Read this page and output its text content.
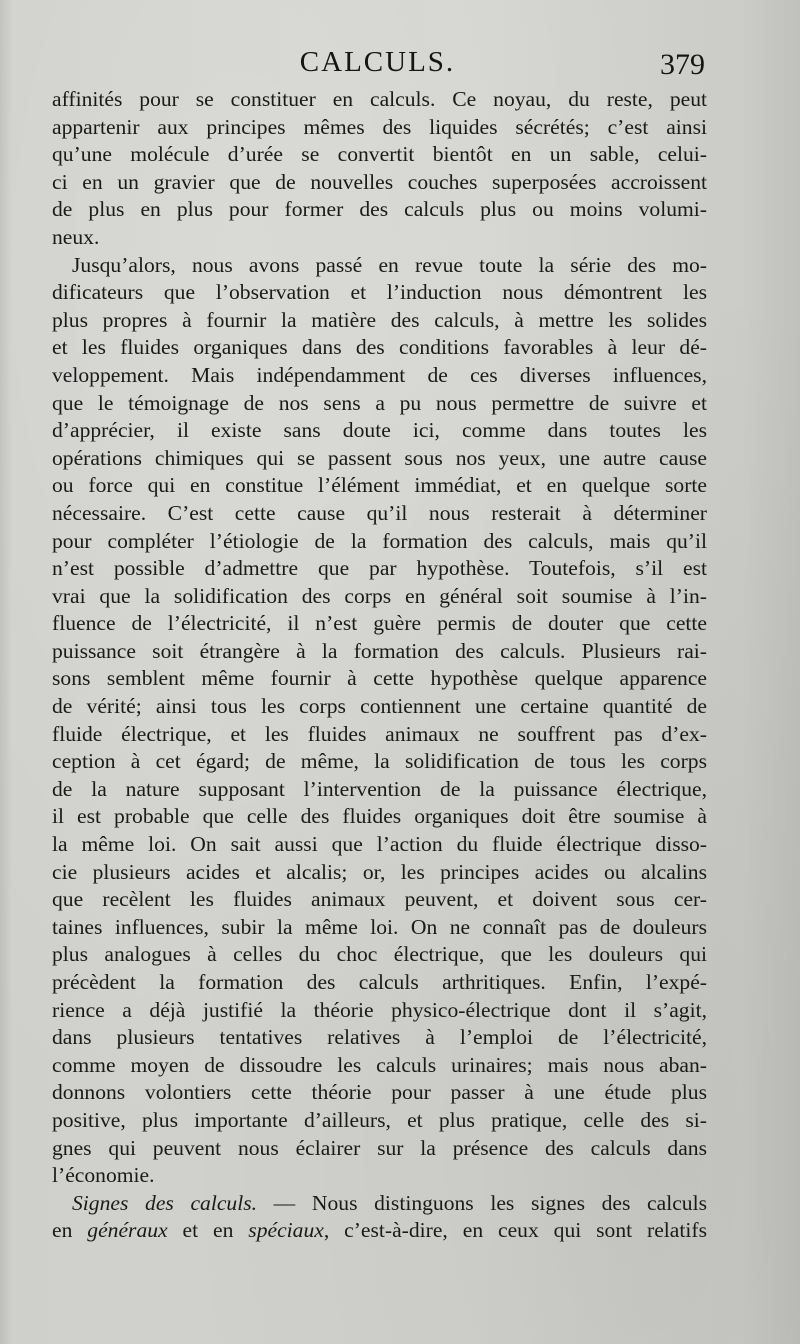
CALCULS.	379
affinités pour se constituer en calculs. Ce noyau, du reste, peut
appartenir aux principes mêmes des liquides sécrétés; c’est ainsi
qu’une molécule d’urée se convertit bientôt en un sable, celui-
ci en un gravier que de nouvelles couches superposées accroissent
de plus en plus pour former des calculs plus ou moins volumi-
neux.
Jusqu’alors, nous avons passé en revue toute la série des mo-
dificateurs que l’observation et l’induction nous démontrent les
plus propres à fournir la matière des calculs, à mettre les solides
et les fluides organiques dans des conditions favorables à leur dé-
veloppement. Mais indépendamment de ces diverses influences,
que le témoignage de nos sens a pu nous permettre de suivre et
d’apprécier, il existe sans doute ici, comme dans toutes les
opérations chimiques qui se passent sous nos yeux, une autre cause
ou force qui en constitue l’élément immédiat, et en quelque sorte
nécessaire. C’est cette cause qu’il nous resterait à déterminer
pour compléter l’étiologie de la formation des calculs, mais qu’il
n’est possible d’admettre que par hypothèse. Toutefois, s’il est
vrai que la solidification des corps en général soit soumise à l’in-
fluence de l’électricité, il n’est guère permis de douter que cette
puissance soit étrangère à la formation des calculs. Plusieurs rai-
sons semblent même fournir à cette hypothèse quelque apparence
de vérité; ainsi tous les corps contiennent une certaine quantité de
fluide électrique, et les fluides animaux ne souffrent pas d’ex-
ception à cet égard; de même, la solidification de tous les corps
de la nature supposant l’intervention de la puissance électrique,
il est probable que celle des fluides organiques doit être soumise à
la même loi. On sait aussi que l’action du fluide électrique disso-
cie plusieurs acides et alcalis; or, les principes acides ou alcalins
que recèlent les fluides animaux peuvent, et doivent sous cer-
taines influences, subir la même loi. On ne connaît pas de douleurs
plus analogues à celles du choc électrique, que les douleurs qui
précèdent la formation des calculs arthritiques. Enfin, l’expé-
rience a déjà justifié la théorie physico-électrique dont il s’agit,
dans plusieurs tentatives relatives à l’emploi de l’électricité,
comme moyen de dissoudre les calculs urinaires; mais nous aban-
donnons volontiers cette théorie pour passer à une étude plus
positive, plus importante d’ailleurs, et plus pratique, celle des si-
gnes qui peuvent nous éclairer sur la présence des calculs dans
l’économie.
Signes des calculs. — Nous distinguons les signes des calculs
en généraux et en spéciaux, c’est-à-dire, en ceux qui sont relatifs
